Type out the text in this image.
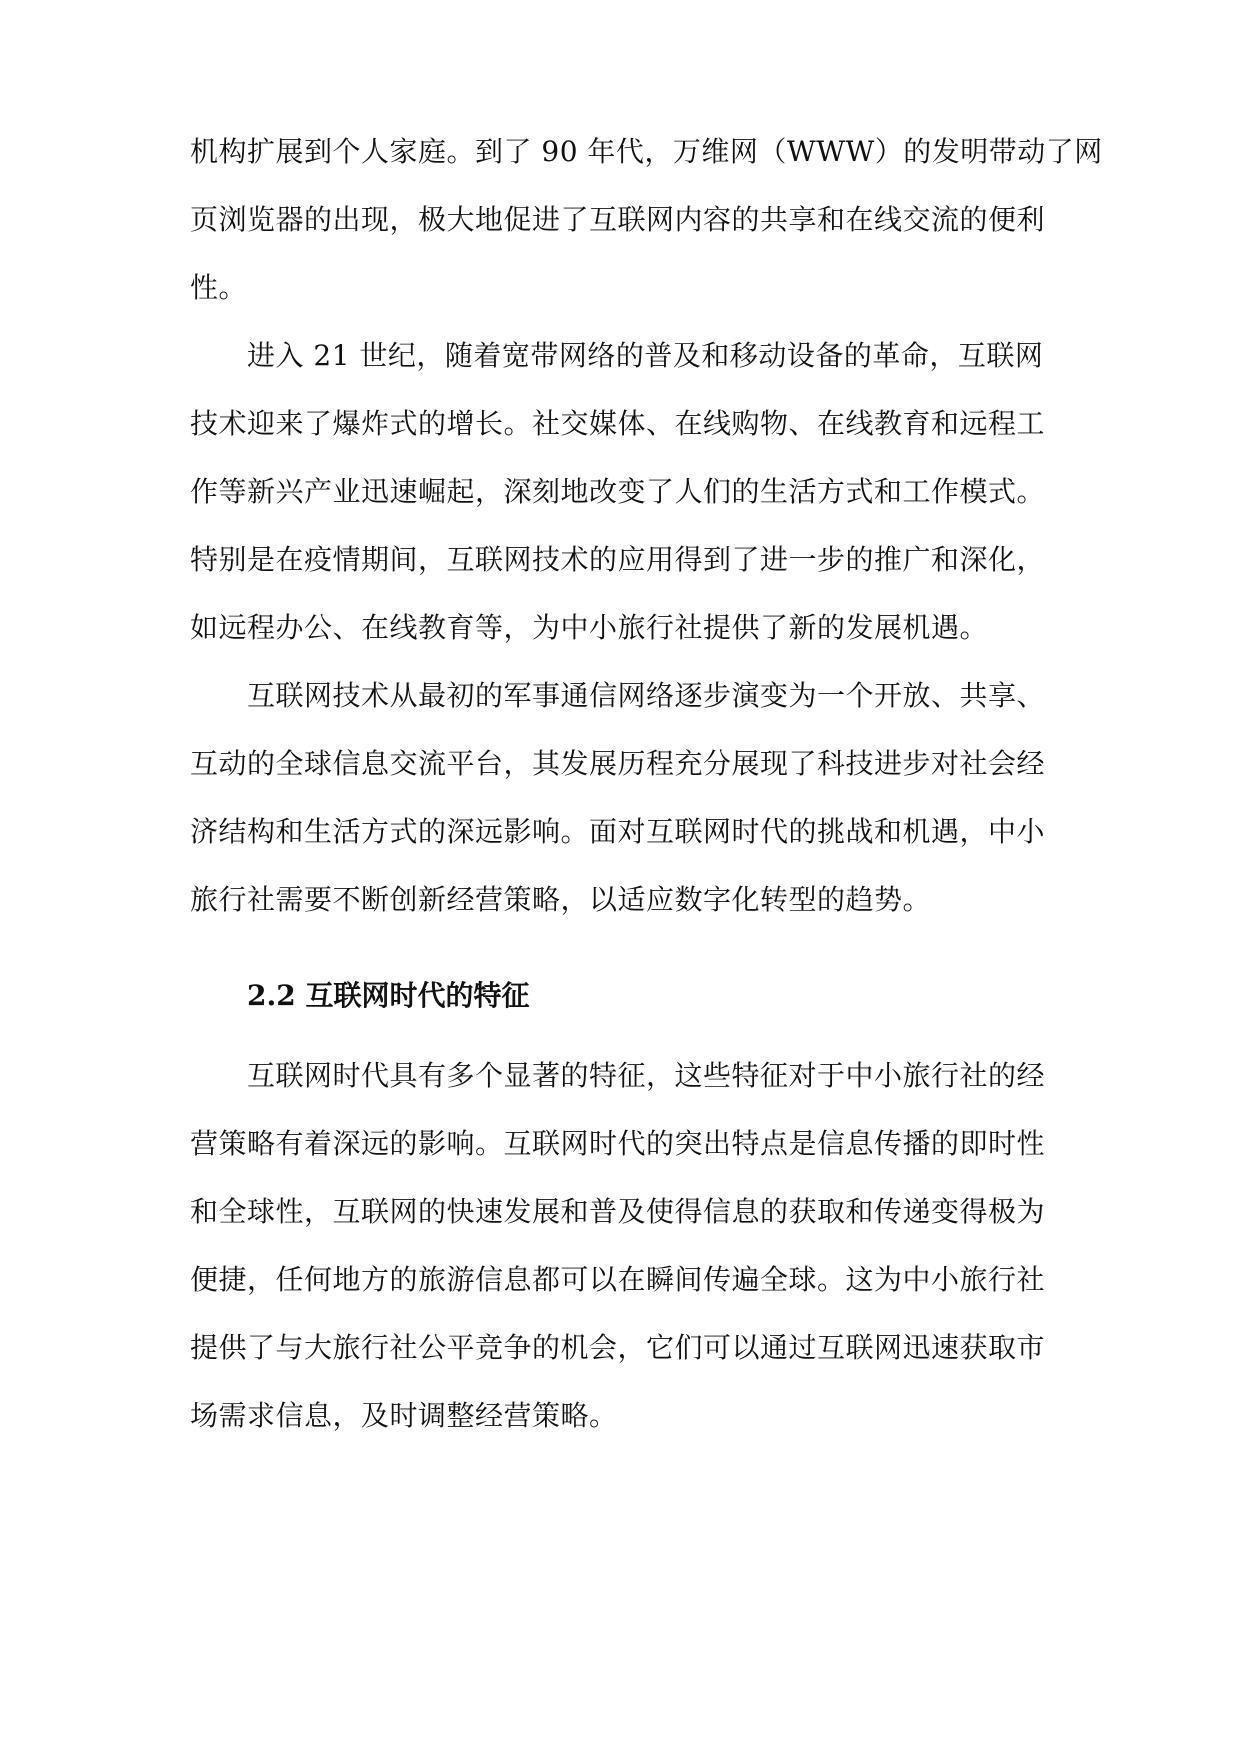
机构扩展到个人家庭。到了 90 年代，万维网（WWW）的发明带动了网
页浏览器的出现，极大地促进了互联网内容的共享和在线交流的便利
性。
进入 21 世纪，随着宽带网络的普及和移动设备的革命，互联网
技术迎来了爆炸式的增长。社交媒体、在线购物、在线教育和远程工
作等新兴产业迅速崛起，深刻地改变了人们的生活方式和工作模式。
特别是在疫情期间，互联网技术的应用得到了进一步的推广和深化，
如远程办公、在线教育等，为中小旅行社提供了新的发展机遇。
互联网技术从最初的军事通信网络逐步演变为一个开放、共享、
互动的全球信息交流平台，其发展历程充分展现了科技进步对社会经
济结构和生活方式的深远影响。面对互联网时代的挑战和机遇，中小
旅行社需要不断创新经营策略，以适应数字化转型的趋势。
2.2 互联网时代的特征
互联网时代具有多个显著的特征，这些特征对于中小旅行社的经
营策略有着深远的影响。互联网时代的突出特点是信息传播的即时性
和全球性，互联网的快速发展和普及使得信息的获取和传递变得极为
便捷，任何地方的旅游信息都可以在瞬间传遍全球。这为中小旅行社
提供了与大旅行社公平竞争的机会，它们可以通过互联网迅速获取市
场需求信息，及时调整经营策略。
